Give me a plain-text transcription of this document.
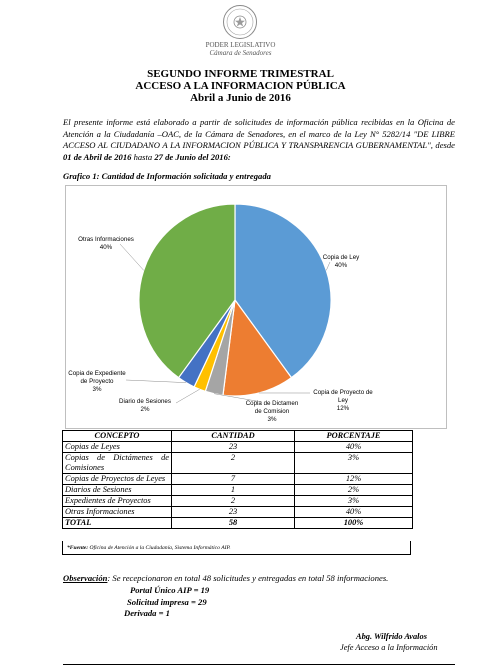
PODER LEGISLATIVO
Cámara de Senadores
SEGUNDO INFORME TRIMESTRAL
ACCESO A LA INFORMACION PÚBLICA
Abril a Junio de 2016
El presente informe está elaborado a partir de solicitudes de información pública recibidas en la Oficina de Atención a la Ciudadanía –OAC, de la Cámara de Senadores, en el marco de la Ley N° 5282/14 "DE LIBRE ACCESO AL CIUDADANO A LA INFORMACION PÚBLICA Y TRANSPARENCIA GUBERNAMENTAL", desde 01 de Abril de 2016 hasta 27 de Junio del 2016:
Grafico 1: Cantidad de Información solicitada y entregada
Copia de Ley
40%
Copia de Proyecto de
Ley
12%
Copia de Dictamen
de Comision
3%
Diario de Sesiones
2%
Copia de Expediente
de Proyecto
3%
Otras Informaciones
40%
CONCEPTO	CANTIDAD	PORCENTAJE
Copias de Leyes	23	40%
Copias de Dictámenes de Comisiones	2	3%
Copias de Proyectos de Leyes	7	12%
Diarios de Sesiones	1	2%
Expedientes de Proyectos	2	3%
Otras Informaciones	23	40%
TOTAL	58	100%
*Fuente: Oficina de Atención a la Ciudadanía, Sistema Informático AIP.
Observación: Se recepcionaron en total 48 solicitudes y entregadas en total 58 informaciones.
Portal Único AIP = 19
Solicitud impresa = 29
Derivada = 1
Abg. Wilfrido Avalos
Jefe Acceso a la Información
